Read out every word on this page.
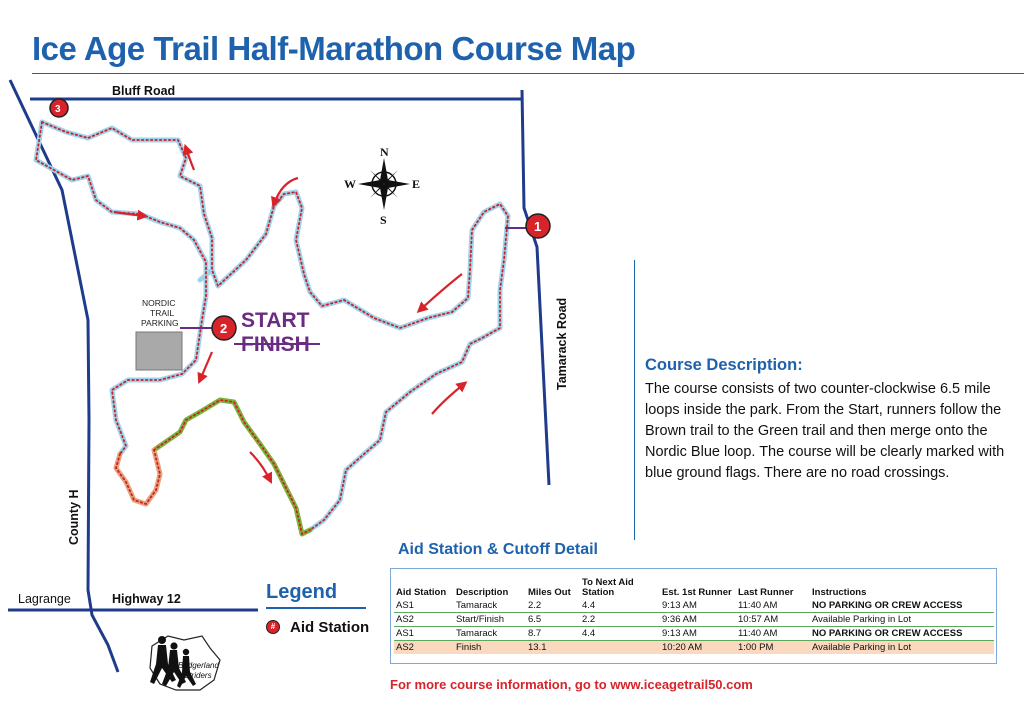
Ice Age Trail Half-Marathon Course Map
N
S
E
W
NORDIC
TRAIL
PARKING	START
FINISH
1
2
3
Bluff Road
Tamarack Road
County H
Lagrange	Highway 12
Badgerland
Striders
Course Description:
The course consists of two counter-clockwise 6.5 mile loops inside the park. From the Start, runners follow the Brown trail to the Green trail and then merge onto the Nordic Blue loop. The course will be clearly marked with blue ground flags. There are no road crossings.
Aid Station & Cutoff Detail
Aid Station	Description	Miles Out	To Next Aid Station	Est. 1st Runner	Last Runner	Instructions
AS1	Tamarack	2.2	4.4	9:13 AM	11:40 AM	NO PARKING OR CREW ACCESS
AS2	Start/Finish	6.5	2.2	9:36 AM	10:57 AM	Available Parking in Lot
AS1	Tamarack	8.7	4.4	9:13 AM	11:40 AM	NO PARKING OR CREW ACCESS
AS2	Finish	13.1		10:20 AM	1:00 PM	Available Parking in Lot
Legend
# Aid Station
For more course information, go to www.iceagetrail50.com
